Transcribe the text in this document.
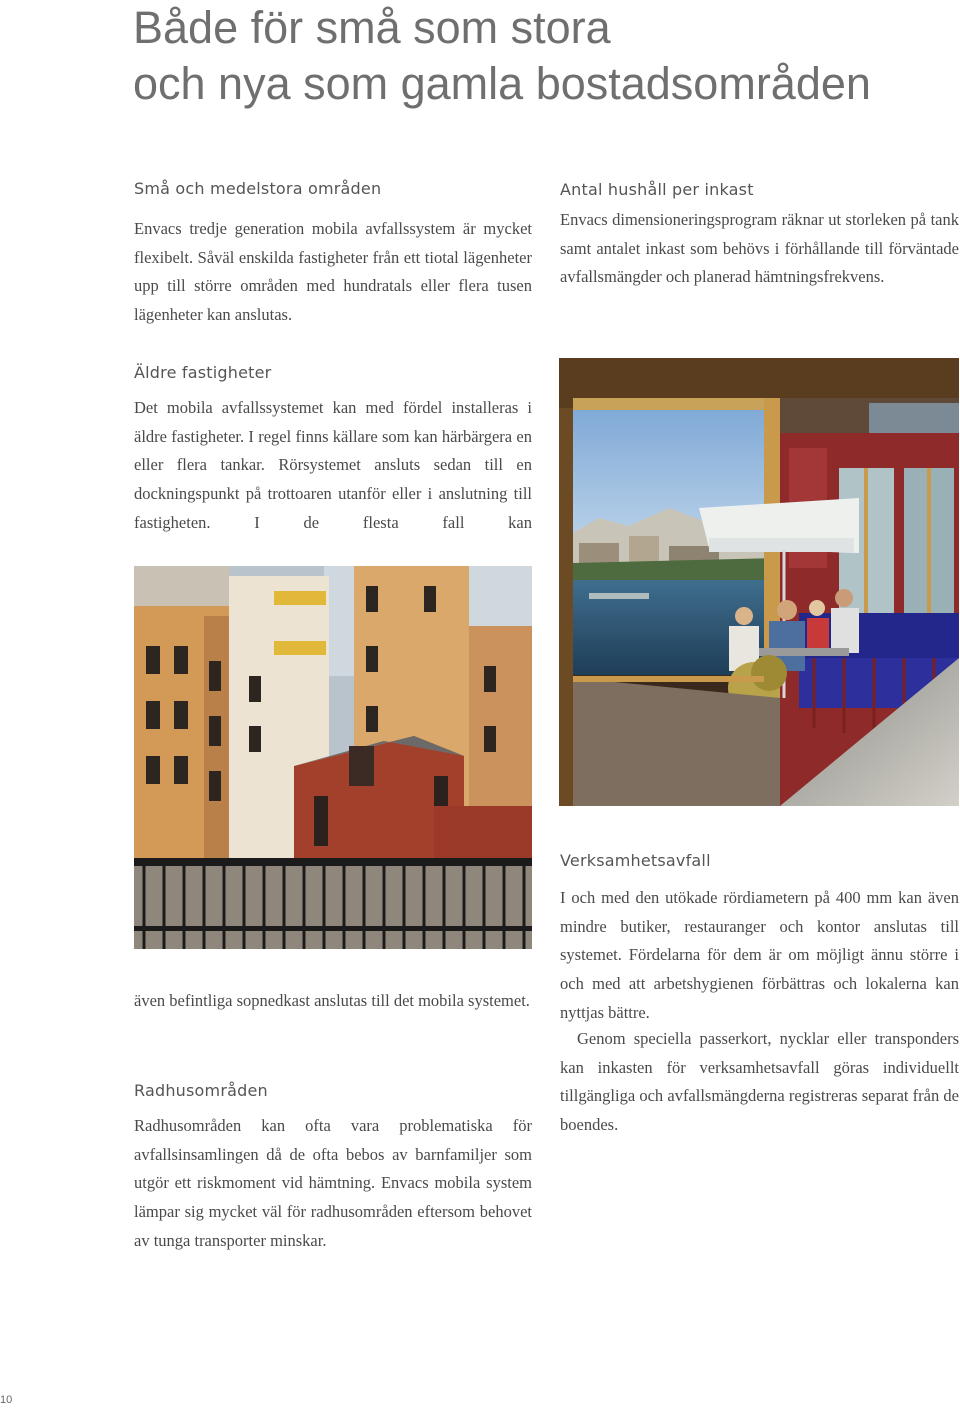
Både för små som stora
och nya som gamla bostadsområden
Små och medelstora områden

Envacs tredje generation mobila avfallssystem är mycket flexibelt. Såväl enskilda fastigheter från ett tiotal lägenheter upp till större områden med hundratals eller flera tusen lägenheter kan anslutas.

Antal hushåll per inkast

Envacs dimensioneringsprogram räknar ut storleken på tank samt antalet inkast som behövs i förhållande till förväntade avfallsmängder och planerad hämtningsfrekvens.

Äldre fastigheter

Det mobila avfallssystemet kan med fördel installeras i äldre fastigheter. I regel finns källare som kan härbärgera en eller flera tankar. Rörsystemet ansluts sedan till en dockningspunkt på trottoaren utanför eller i anslutning till fastigheten. I de flesta fall kan

även befintliga sopnedkast anslutas till det mobila systemet.

Radhusområden

Radhusområden kan ofta vara problematiska för avfallsinsamlingen då de ofta bebos av barnfamiljer som utgör ett riskmoment vid hämtning. Envacs mobila system lämpar sig mycket väl för radhusområden eftersom behovet av tunga transporter minskar.

Verksamhetsavfall

I och med den utökade rördiametern på 400 mm kan även mindre butiker, restauranger och kontor anslutas till systemet. Fördelarna för dem är om möjligt ännu större i och med att arbetshygienen förbättras och lokalerna kan nyttjas bättre.

Genom speciella passerkort, nycklar eller transponders kan inkasten för verksamhetsavfall göras individuellt tillgängliga och avfallsmängderna registreras separat från de boendes.

10
